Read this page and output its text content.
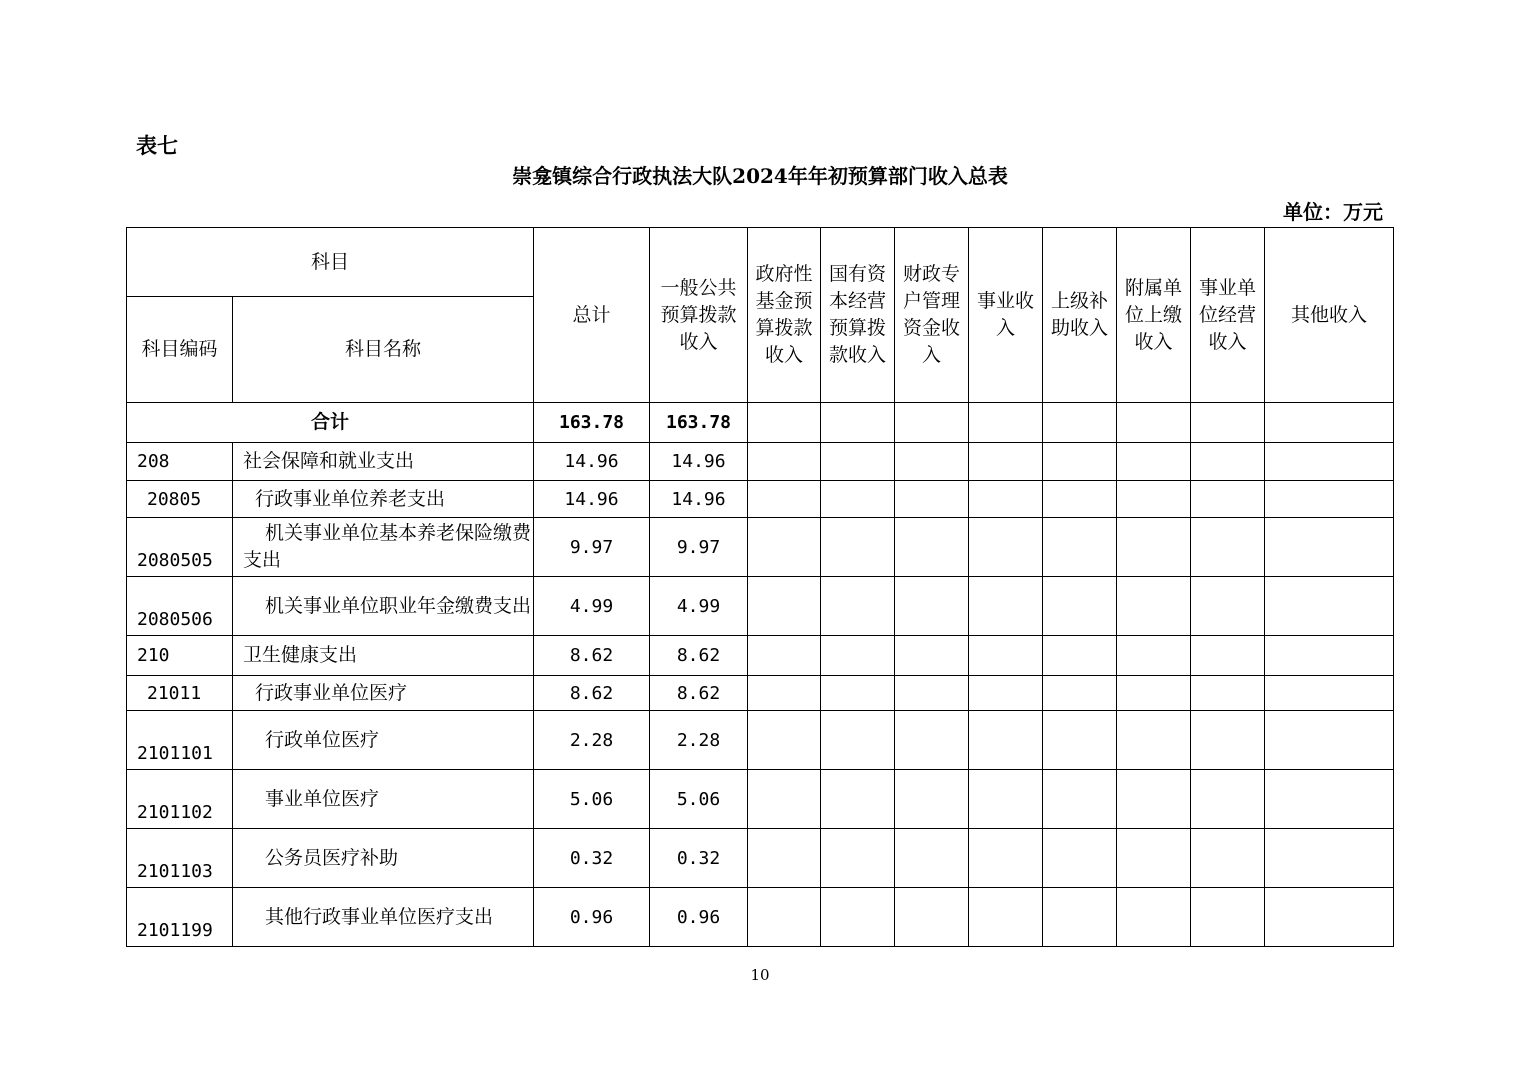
表七
崇龛镇综合行政执法大队2024年年初预算部门收入总表
单位：万元
科目		总计	一般公共预算拨款收入	政府性基金预算拨款收入	国有资本经营预算拨款收入	财政专户管理资金收入	事业收入	上级补助收入	附属单位上缴收入	事业单位经营收入	其他收入
科目编码	科目名称										
合计		163.78	163.78								
208	社会保障和就业支出	14.96	14.96								
20805	行政事业单位养老支出	14.96	14.96								
2080505	机关事业单位基本养老保险缴费支出	9.97	9.97								
2080506	机关事业单位职业年金缴费支出	4.99	4.99								
210	卫生健康支出	8.62	8.62								
21011	行政事业单位医疗	8.62	8.62								
2101101	行政单位医疗	2.28	2.28								
2101102	事业单位医疗	5.06	5.06								
2101103	公务员医疗补助	0.32	0.32								
2101199	其他行政事业单位医疗支出	0.96	0.96								
10
